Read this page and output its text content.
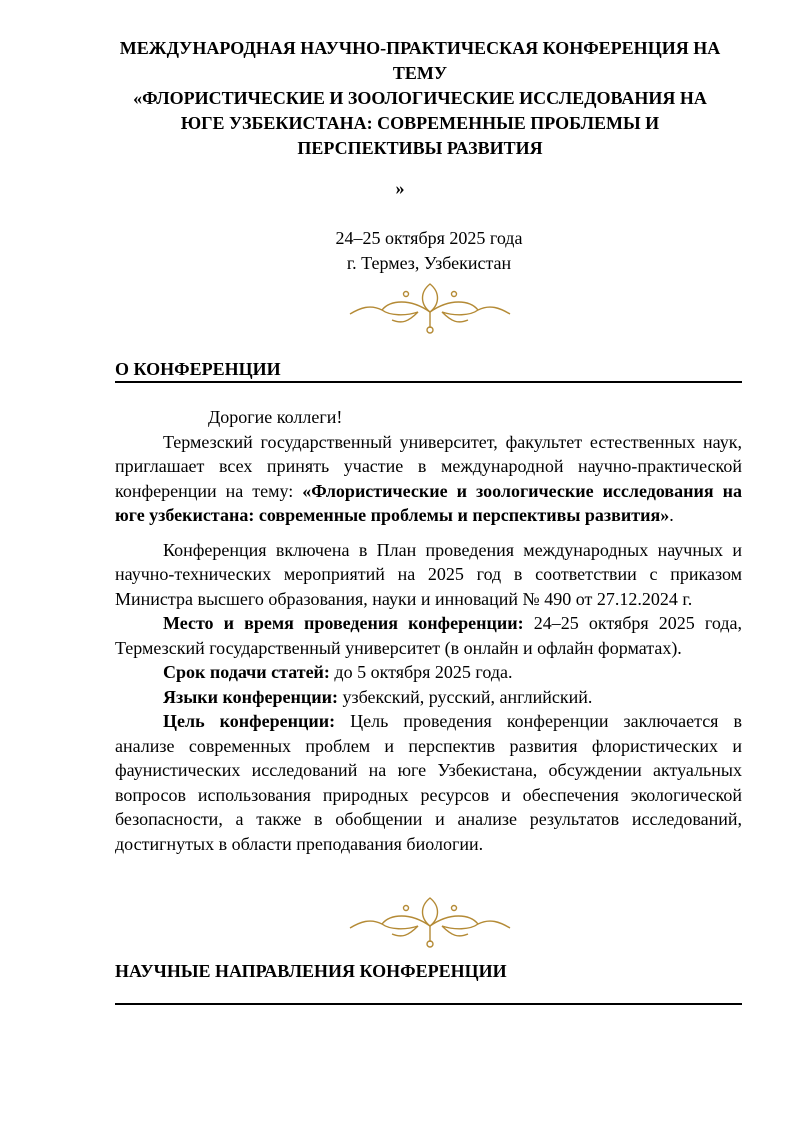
МЕЖДУНАРОДНАЯ НАУЧНО-ПРАКТИЧЕСКАЯ КОНФЕРЕНЦИЯ НА
ТЕМУ
«ФЛОРИСТИЧЕСКИЕ И ЗООЛОГИЧЕСКИЕ ИССЛЕДОВАНИЯ НА
ЮГЕ УЗБЕКИСТАНА: СОВРЕМЕННЫЕ ПРОБЛЕМЫ И
ПЕРСПЕКТИВЫ РАЗВИТИЯ
»
24–25 октября 2025 года
г. Термез, Узбекистан
О КОНФЕРЕНЦИИ

Дорогие коллеги!

Термезский государственный университет, факультет естественных наук, приглашает всех принять участие в международной научно-практической конференции на тему: «Флористические и зоологические исследования на юге узбекистана: современные проблемы и перспективы развития».

Конференция включена в План проведения международных научных и научно-технических мероприятий на 2025 год в соответствии с приказом Министра высшего образования, науки и инноваций № 490 от 27.12.2024 г.

Место и время проведения конференции: 24–25 октября 2025 года, Термезский государственный университет (в онлайн и офлайн форматах).

Срок подачи статей: до 5 октября 2025 года.

Языки конференции: узбекский, русский, английский.

Цель конференции: Цель проведения конференции заключается в анализе современных проблем и перспектив развития флористических и фаунистических исследований на юге Узбекистана, обсуждении актуальных вопросов использования природных ресурсов и обеспечения экологической безопасности, а также в обобщении и анализе результатов исследований, достигнутых в области преподавания биологии.

НАУЧНЫЕ НАПРАВЛЕНИЯ КОНФЕРЕНЦИИ
